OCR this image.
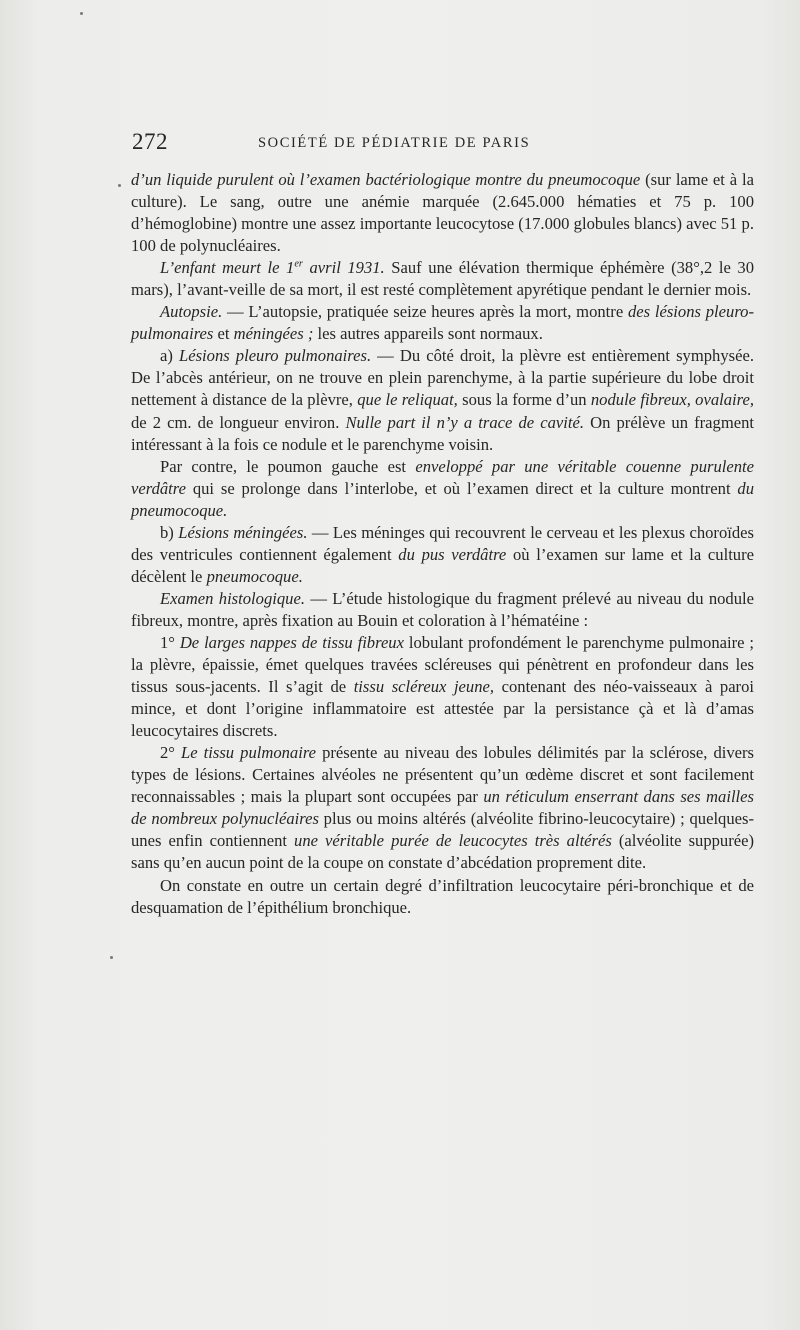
272	SOCIÉTÉ DE PÉDIATRIE DE PARIS

d’un liquide purulent où l’examen bactériologique montre du pneumocoque (sur lame et à la culture). Le sang, outre une anémie marquée (2.645.000 hématies et 75 p. 100 d’hémoglobine) montre une assez importante leucocytose (17.000 globules blancs) avec 51 p. 100 de polynucléaires.

L’enfant meurt le 1er avril 1931. Sauf une élévation thermique éphémère (38°,2 le 30 mars), l’avant-veille de sa mort, il est resté complètement apyrétique pendant le dernier mois.

Autopsie. — L’autopsie, pratiquée seize heures après la mort, montre des lésions pleuro-pulmonaires et méningées ; les autres appareils sont normaux.

a) Lésions pleuro pulmonaires. — Du côté droit, la plèvre est entièrement symphysée. De l’abcès antérieur, on ne trouve en plein parenchyme, à la partie supérieure du lobe droit nettement à distance de la plèvre, que le reliquat, sous la forme d’un nodule fibreux, ovalaire, de 2 cm. de longueur environ. Nulle part il n’y a trace de cavité. On prélève un fragment intéressant à la fois ce nodule et le parenchyme voisin.

Par contre, le poumon gauche est enveloppé par une véritable couenne purulente verdâtre qui se prolonge dans l’interlobe, et où l’examen direct et la culture montrent du pneumocoque.

b) Lésions méningées. — Les méninges qui recouvrent le cerveau et les plexus choroïdes des ventricules contiennent également du pus verdâtre où l’examen sur lame et la culture décèlent le pneumocoque.

Examen histologique. — L’étude histologique du fragment prélevé au niveau du nodule fibreux, montre, après fixation au Bouin et coloration à l’hématéine :

1° De larges nappes de tissu fibreux lobulant profondément le parenchyme pulmonaire ; la plèvre, épaissie, émet quelques travées scléreuses qui pénètrent en profondeur dans les tissus sous-jacents. Il s’agit de tissu scléreux jeune, contenant des néo-vaisseaux à paroi mince, et dont l’origine inflammatoire est attestée par la persistance çà et là d’amas leucocytaires discrets.

2° Le tissu pulmonaire présente au niveau des lobules délimités par la sclérose, divers types de lésions. Certaines alvéoles ne présentent qu’un œdème discret et sont facilement reconnaissables ; mais la plupart sont occupées par un réticulum enserrant dans ses mailles de nombreux polynucléaires plus ou moins altérés (alvéolite fibrino-leucocytaire) ; quelques-unes enfin contiennent une véritable purée de leucocytes très altérés (alvéolite suppurée) sans qu’en aucun point de la coupe on constate d’abcédation proprement dite.

On constate en outre un certain degré d’infiltration leucocytaire péri-bronchique et de desquamation de l’épithélium bronchique.
